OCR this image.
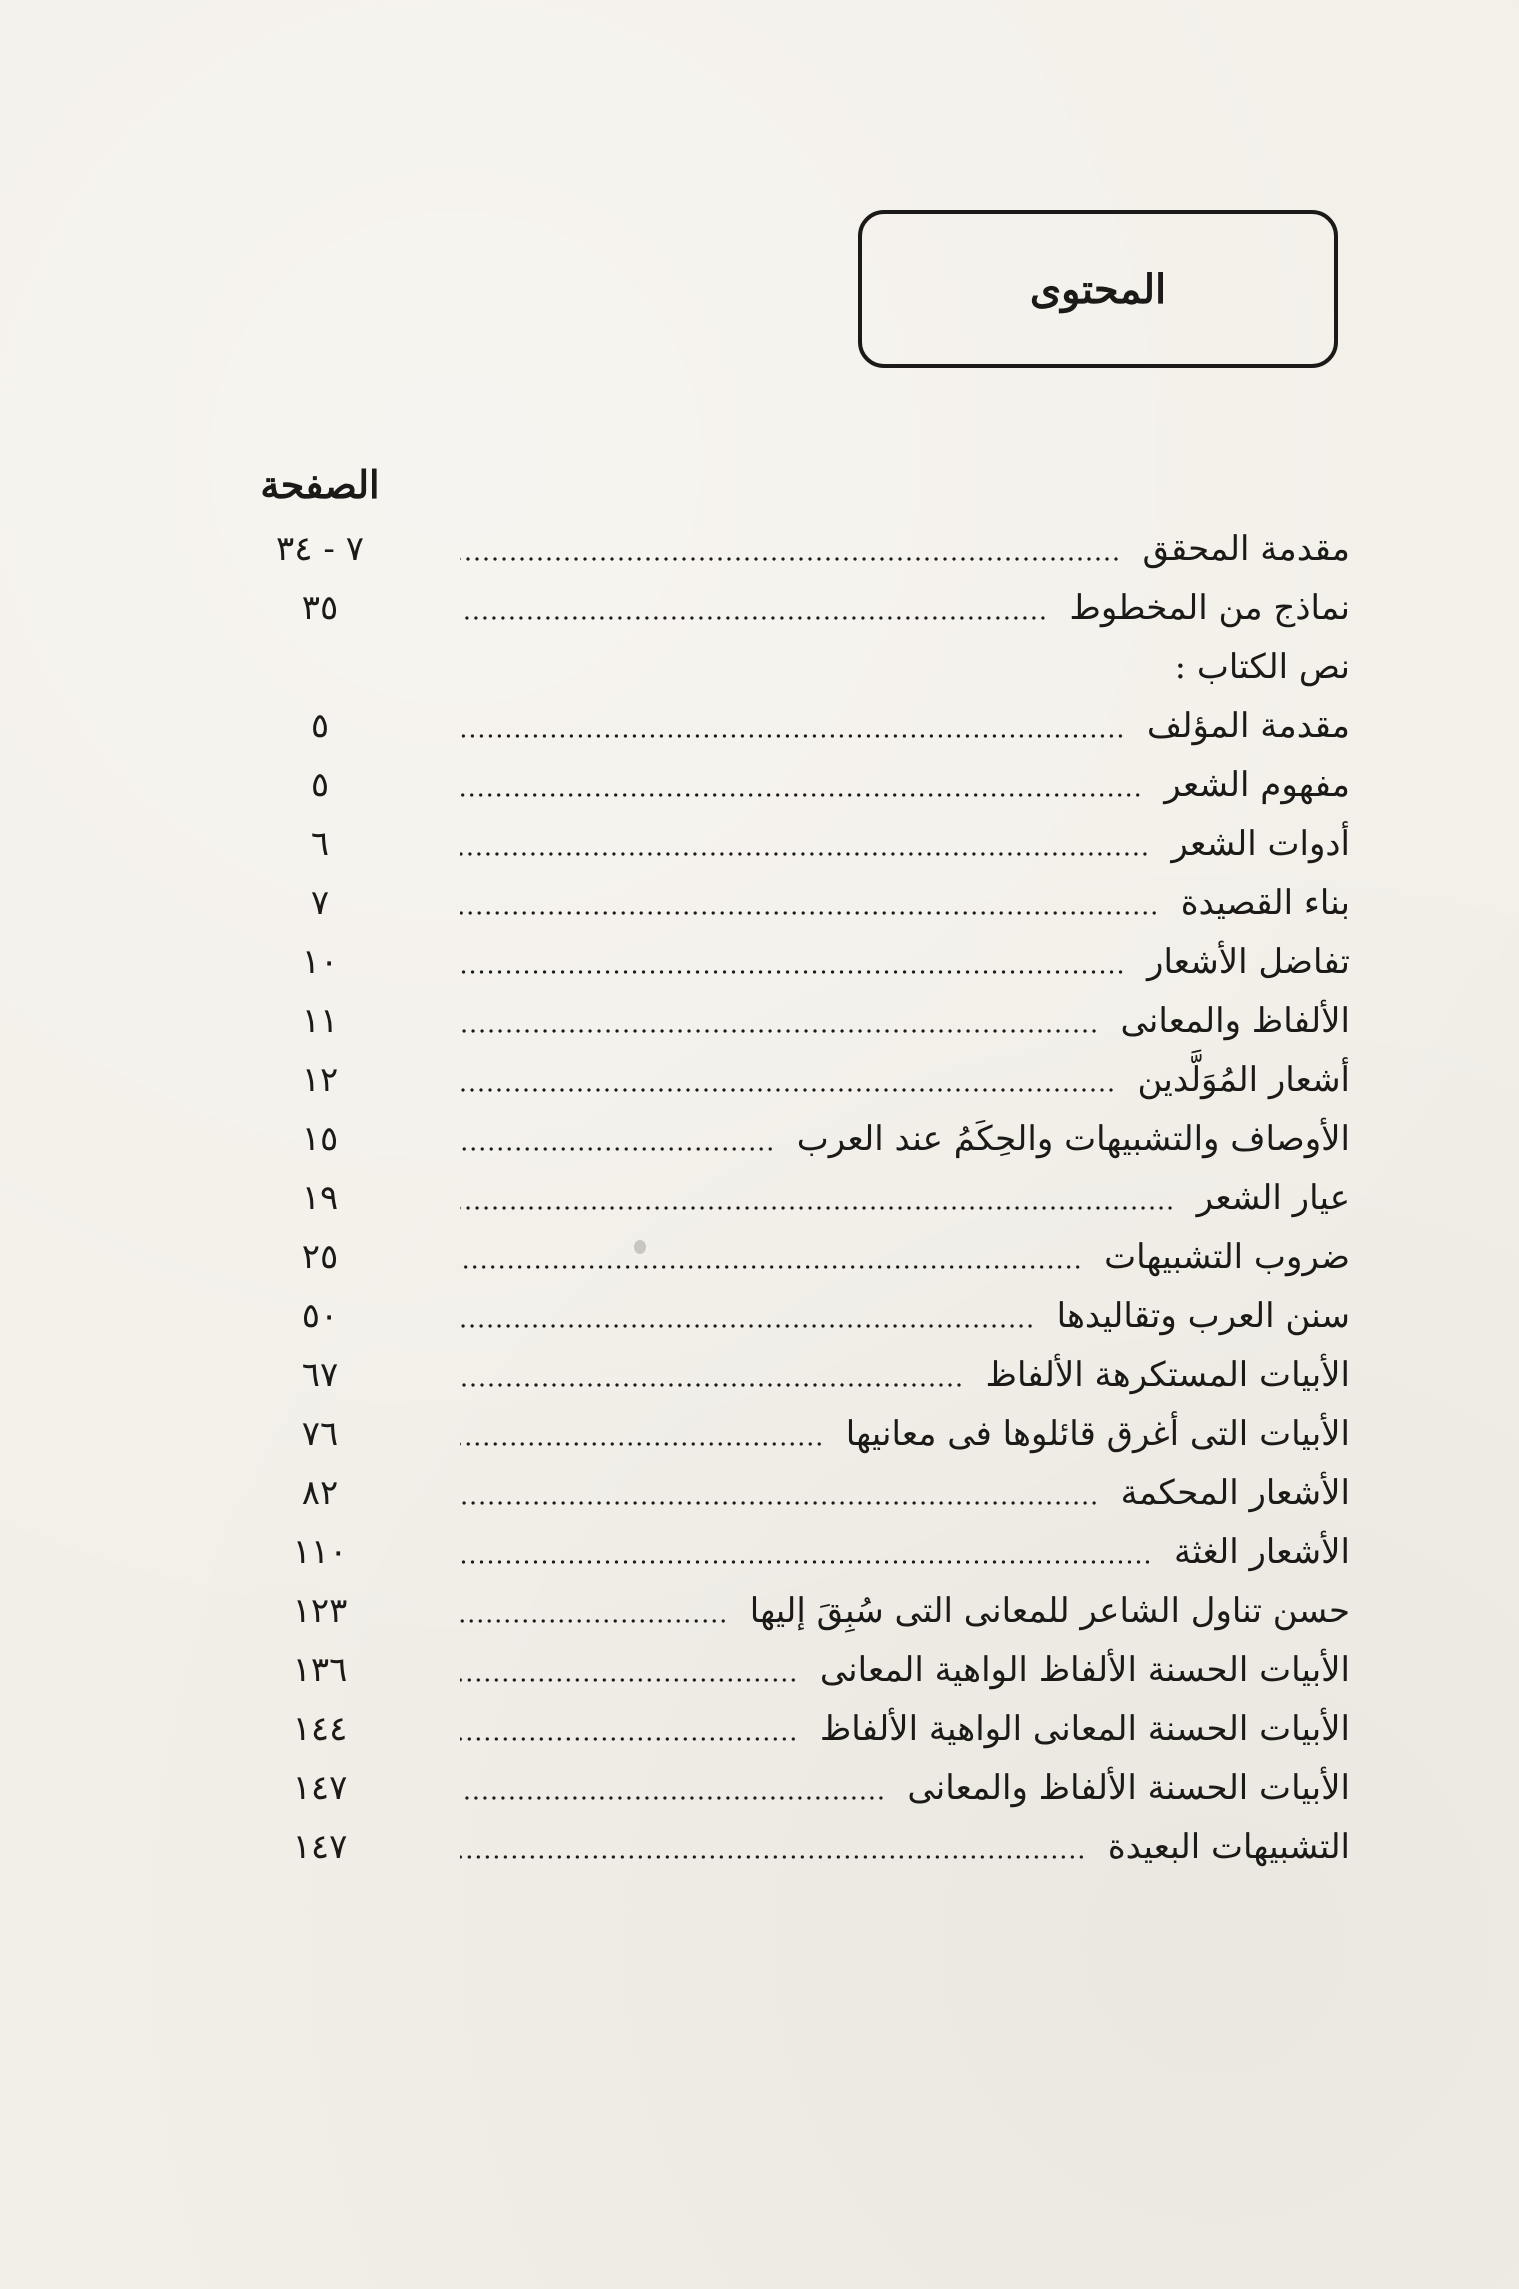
المحتوى
الصفحة
٧ - ٣٤	مقدمة المحقق
٣٥	نماذج من المخطوط
نص الكتاب :
٥	مقدمة المؤلف
٥	مفهوم الشعر
٦	أدوات الشعر
٧	بناء القصيدة
١٠	تفاضل الأشعار
١١	الألفاظ والمعانى
١٢	أشعار المُوَلَّدين
١٥	الأوصاف والتشبيهات والحِكَمُ عند العرب
١٩	عيار الشعر
٢٥	ضروب التشبيهات
٥٠	سنن العرب وتقاليدها
٦٧	الأبيات المستكرهة الألفاظ
٧٦	الأبيات التى أغرق قائلوها فى معانيها
٨٢	الأشعار المحكمة
١١٠	الأشعار الغثة
١٢٣	حسن تناول الشاعر للمعانى التى سُبِقَ إليها
١٣٦	الأبيات الحسنة الألفاظ الواهية المعانى
١٤٤	الأبيات الحسنة المعانى الواهية الألفاظ
١٤٧	الأبيات الحسنة الألفاظ والمعانى
١٤٧	التشبيهات البعيدة
